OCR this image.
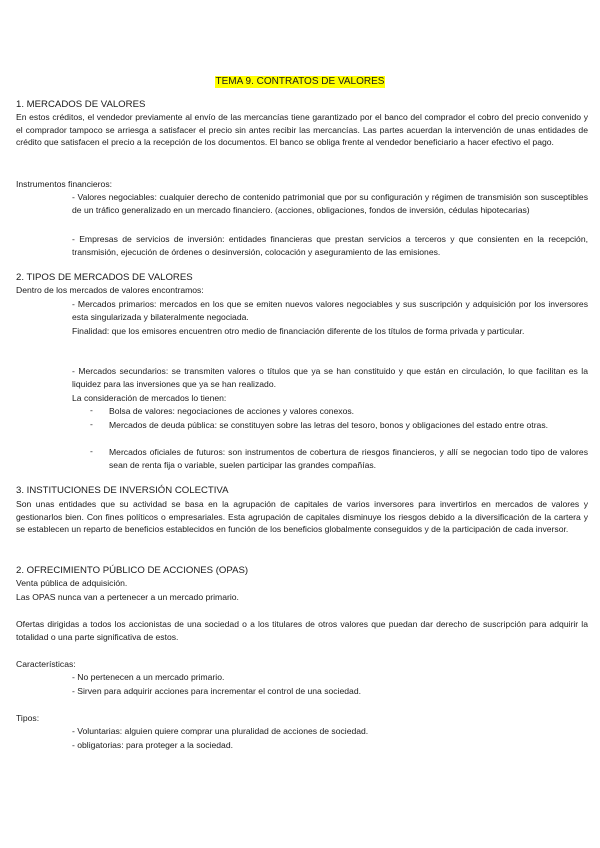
TEMA 9. CONTRATOS DE VALORES

1. MERCADOS DE VALORES

En estos créditos, el vendedor previamente al envío de las mercancías tiene garantizado por el banco del comprador el cobro del precio convenido y el comprador tampoco se arriesga a satisfacer el precio sin antes recibir las mercancías. Las partes acuerdan la intervención de unas entidades de crédito que satisfacen el precio a la recepción de los documentos. El banco se obliga frente al vendedor beneficiario a hacer efectivo el pago.

Instrumentos financieros:

- Valores negociables: cualquier derecho de contenido patrimonial que por su configuración y régimen de transmisión son susceptibles de un tráfico generalizado en un mercado financiero. (acciones, obligaciones, fondos de inversión, cédulas hipotecarias)

- Empresas de servicios de inversión: entidades financieras que prestan servicios a terceros y que consienten en la recepción, transmisión, ejecución de órdenes o desinversión, colocación y aseguramiento de las emisiones.

2. TIPOS DE MERCADOS DE VALORES

Dentro de los mercados de valores encontramos:

- Mercados primarios: mercados en los que se emiten nuevos valores negociables y sus suscripción y adquisición por los inversores esta singularizada y bilateralmente negociada.

Finalidad: que los emisores encuentren otro medio de financiación diferente de los títulos de forma privada y particular.

- Mercados secundarios: se transmiten valores o títulos que ya se han constituido y que están en circulación, lo que facilitan es la liquidez para las inversiones que ya se han realizado.

La consideración de mercados lo tienen:

- Bolsa de valores: negociaciones de acciones y valores conexos.

- Mercados de deuda pública: se constituyen sobre las letras del tesoro, bonos y obligaciones del estado entre otras.

- Mercados oficiales de futuros: son instrumentos de cobertura de riesgos financieros, y allí se negocian todo tipo de valores sean de renta fija o variable, suelen participar las grandes compañías.

3. INSTITUCIONES DE INVERSIÓN COLECTIVA

Son unas entidades que su actividad se basa en la agrupación de capitales de varios inversores para invertirlos en mercados de valores y gestionarlos bien. Con fines políticos o empresariales. Esta agrupación de capitales disminuye los riesgos debido a la diversificación de la cartera y se establecen un reparto de beneficios establecidos en función de los beneficios globalmente conseguidos y de la participación de cada inversor.

2. OFRECIMIENTO PÚBLICO DE ACCIONES (OPAS)

Venta pública de adquisición.

Las OPAS nunca van a pertenecer a un mercado primario.

Ofertas dirigidas a todos los accionistas de una sociedad o a los titulares de otros valores que puedan dar derecho de suscripción para adquirir la totalidad o una parte significativa de estos.

Características:

- No pertenecen a un mercado primario.

- Sirven para adquirir acciones para incrementar el control de una sociedad.

Tipos:

- Voluntarias: alguien quiere comprar una pluralidad de acciones de sociedad.

- obligatorias: para proteger a la sociedad.
